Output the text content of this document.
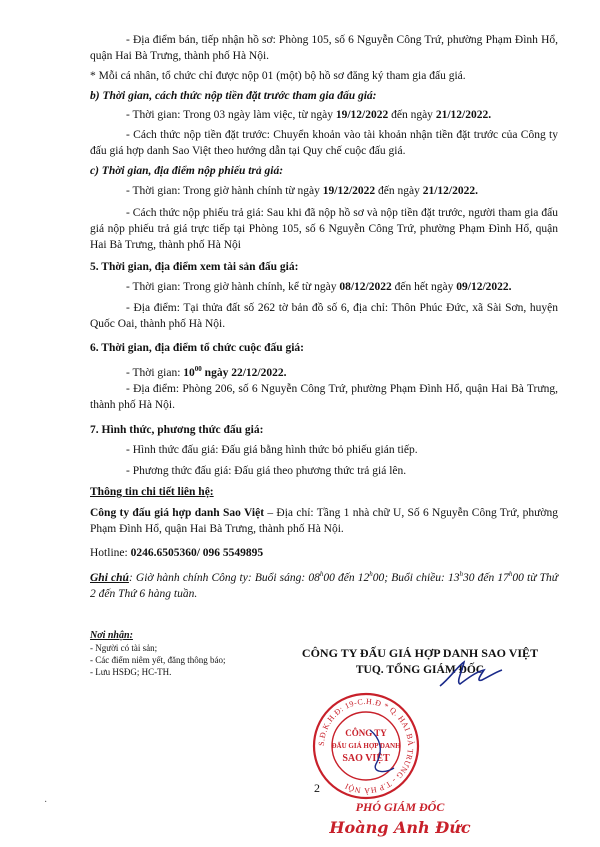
- Địa điểm bán, tiếp nhận hồ sơ: Phòng 105, số 6 Nguyễn Công Trứ, phường Phạm Đình Hổ, quận Hai Bà Trưng, thành phố Hà Nội.

* Mỗi cá nhân, tổ chức chỉ được nộp 01 (một) bộ hồ sơ đăng ký tham gia đấu giá.

b) Thời gian, cách thức nộp tiền đặt trước tham gia đấu giá:

- Thời gian: Trong 03 ngày làm việc, từ ngày 19/12/2022 đến ngày 21/12/2022.

- Cách thức nộp tiền đặt trước: Chuyển khoản vào tài khoản nhận tiền đặt trước của Công ty đấu giá hợp danh Sao Việt theo hướng dẫn tại Quy chế cuộc đấu giá.

c) Thời gian, địa điểm nộp phiếu trả giá:

- Thời gian: Trong giờ hành chính từ ngày 19/12/2022 đến ngày 21/12/2022.

- Cách thức nộp phiếu trả giá: Sau khi đã nộp hồ sơ và nộp tiền đặt trước, người tham gia đấu giá nộp phiếu trả giá trực tiếp tại Phòng 105, số 6 Nguyễn Công Trứ, phường Phạm Đình Hổ, quận Hai Bà Trưng, thành phố Hà Nội

5. Thời gian, địa điểm xem tài sản đấu giá:

- Thời gian: Trong giờ hành chính, kể từ ngày 08/12/2022 đến hết ngày 09/12/2022.

- Địa điểm: Tại thửa đất số 262 tờ bản đồ số 6, địa chỉ: Thôn Phúc Đức, xã Sài Sơn, huyện Quốc Oai, thành phố Hà Nội.

6. Thời gian, địa điểm tổ chức cuộc đấu giá:

- Thời gian: $10^{00}$ ngày 22/12/2022.

- Địa điểm: Phòng 206, số 6 Nguyễn Công Trứ, phường Phạm Đình Hổ, quận Hai Bà Trưng, thành phố Hà Nội.

7. Hình thức, phương thức đấu giá:

- Hình thức đấu giá: Đấu giá bằng hình thức bỏ phiếu gián tiếp.

- Phương thức đấu giá: Đấu giá theo phương thức trả giá lên.

Thông tin chi tiết liên hệ:

Công ty đấu giá hợp danh Sao Việt – Địa chỉ: Tầng 1 nhà chữ U, Số 6 Nguyễn Công Trứ, phường Phạm Đình Hổ, quận Hai Bà Trưng, thành phố Hà Nội.

Hotline: 0246.6505360/ 096 5549895

Ghi chú: Giờ hành chính Công ty: Buổi sáng: 08$^h$00 đến 12$^h$00; Buổi chiều: 13$^h$30 đến 17$^h$00 từ Thứ 2 đến Thứ 6 hàng tuần.

Nơi nhận:
- Người có tài sản;
- Các điểm niêm yết, đăng thông báo;
- Lưu HSĐG; HC-TH.
CÔNG TY ĐẤU GIÁ HỢP DANH SAO VIỆT
TUQ. TỔNG GIÁM ĐỐC
S.Đ.K.H.Đ: 19-C.H.Đ * Q. HAI BÀ TRƯNG - T.P HÀ NỘI
CÔNG TY
ĐẤU GIÁ HỢP DANH
SAO VIỆT
2
·	PHÓ GIÁM ĐỐC
Hoàng Anh Đức
